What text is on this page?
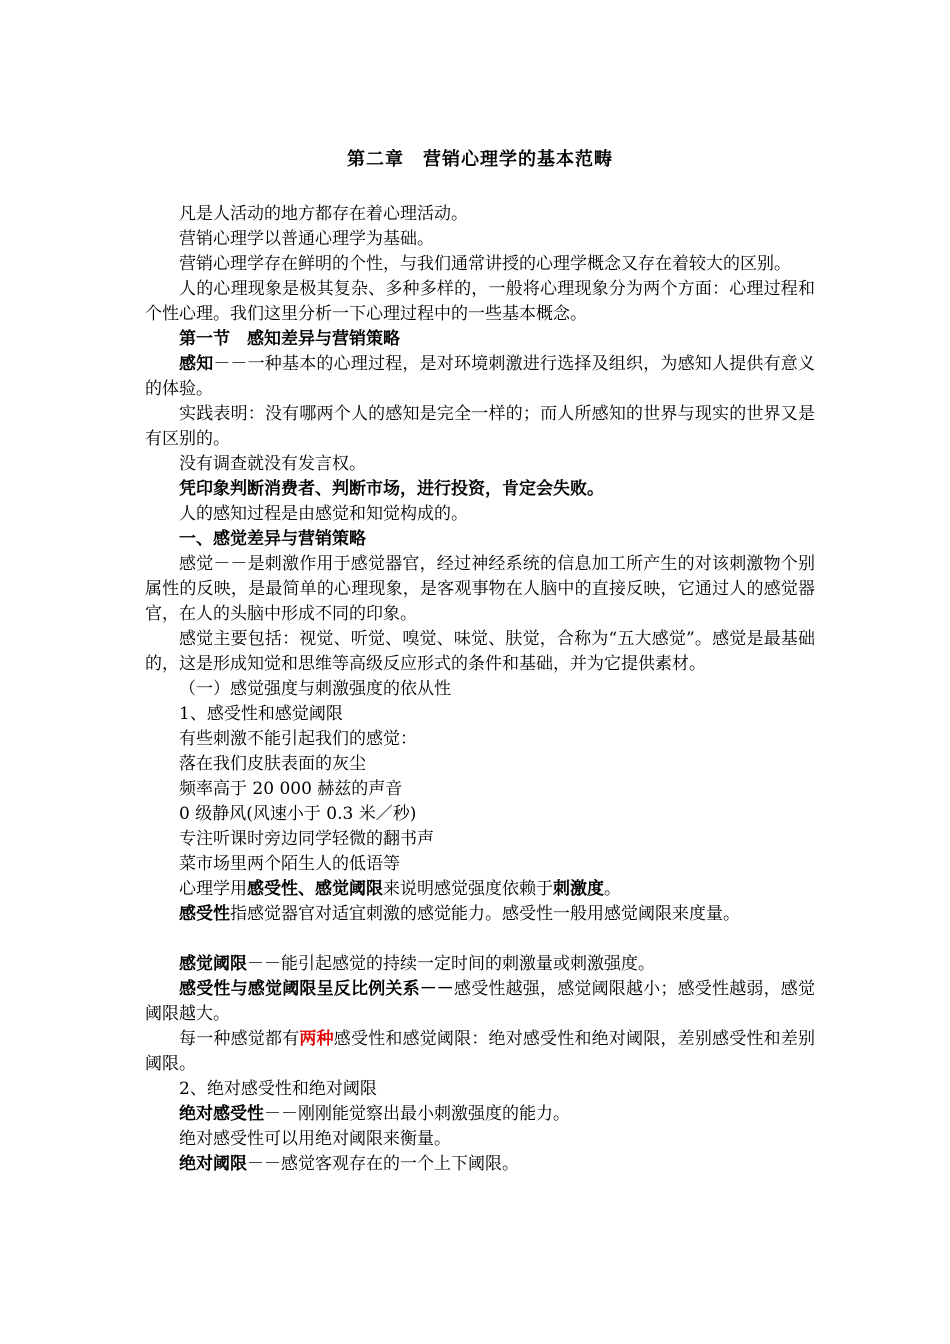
第二章　营销心理学的基本范畴

凡是人活动的地方都存在着心理活动。

营销心理学以普通心理学为基础。

营销心理学存在鲜明的个性，与我们通常讲授的心理学概念又存在着较大的区别。

人的心理现象是极其复杂、多种多样的，一般将心理现象分为两个方面：心理过程和个性心理。我们这里分析一下心理过程中的一些基本概念。

第一节　感知差异与营销策略

感知－－一种基本的心理过程，是对环境刺激进行选择及组织，为感知人提供有意义的体验。

实践表明：没有哪两个人的感知是完全一样的；而人所感知的世界与现实的世界又是有区别的。

没有调查就没有发言权。

凭印象判断消费者、判断市场，进行投资，肯定会失败。

人的感知过程是由感觉和知觉构成的。

一、感觉差异与营销策略

感觉－－是刺激作用于感觉器官，经过神经系统的信息加工所产生的对该刺激物个别属性的反映，是最简单的心理现象，是客观事物在人脑中的直接反映，它通过人的感觉器官，在人的头脑中形成不同的印象。

感觉主要包括：视觉、听觉、嗅觉、味觉、肤觉，合称为“五大感觉”。感觉是最基础的，这是形成知觉和思维等高级反应形式的条件和基础，并为它提供素材。

（一）感觉强度与刺激强度的依从性

1、感受性和感觉阈限

有些刺激不能引起我们的感觉：

落在我们皮肤表面的灰尘

频率高于 20 000 赫兹的声音

0 级静风(风速小于 0.3 米／秒)

专注听课时旁边同学轻微的翻书声

菜市场里两个陌生人的低语等

心理学用感受性、感觉阈限来说明感觉强度依赖于刺激度。

感受性指感觉器官对适宜刺激的感觉能力。感受性一般用感觉阈限来度量。

感觉阈限－－能引起感觉的持续一定时间的刺激量或刺激强度。

感受性与感觉阈限呈反比例关系－－感受性越强，感觉阈限越小；感受性越弱，感觉阈限越大。

每一种感觉都有两种感受性和感觉阈限：绝对感受性和绝对阈限，差别感受性和差别阈限。

2、绝对感受性和绝对阈限

绝对感受性－－刚刚能觉察出最小刺激强度的能力。

绝对感受性可以用绝对阈限来衡量。

绝对阈限－－感觉客观存在的一个上下阈限。
